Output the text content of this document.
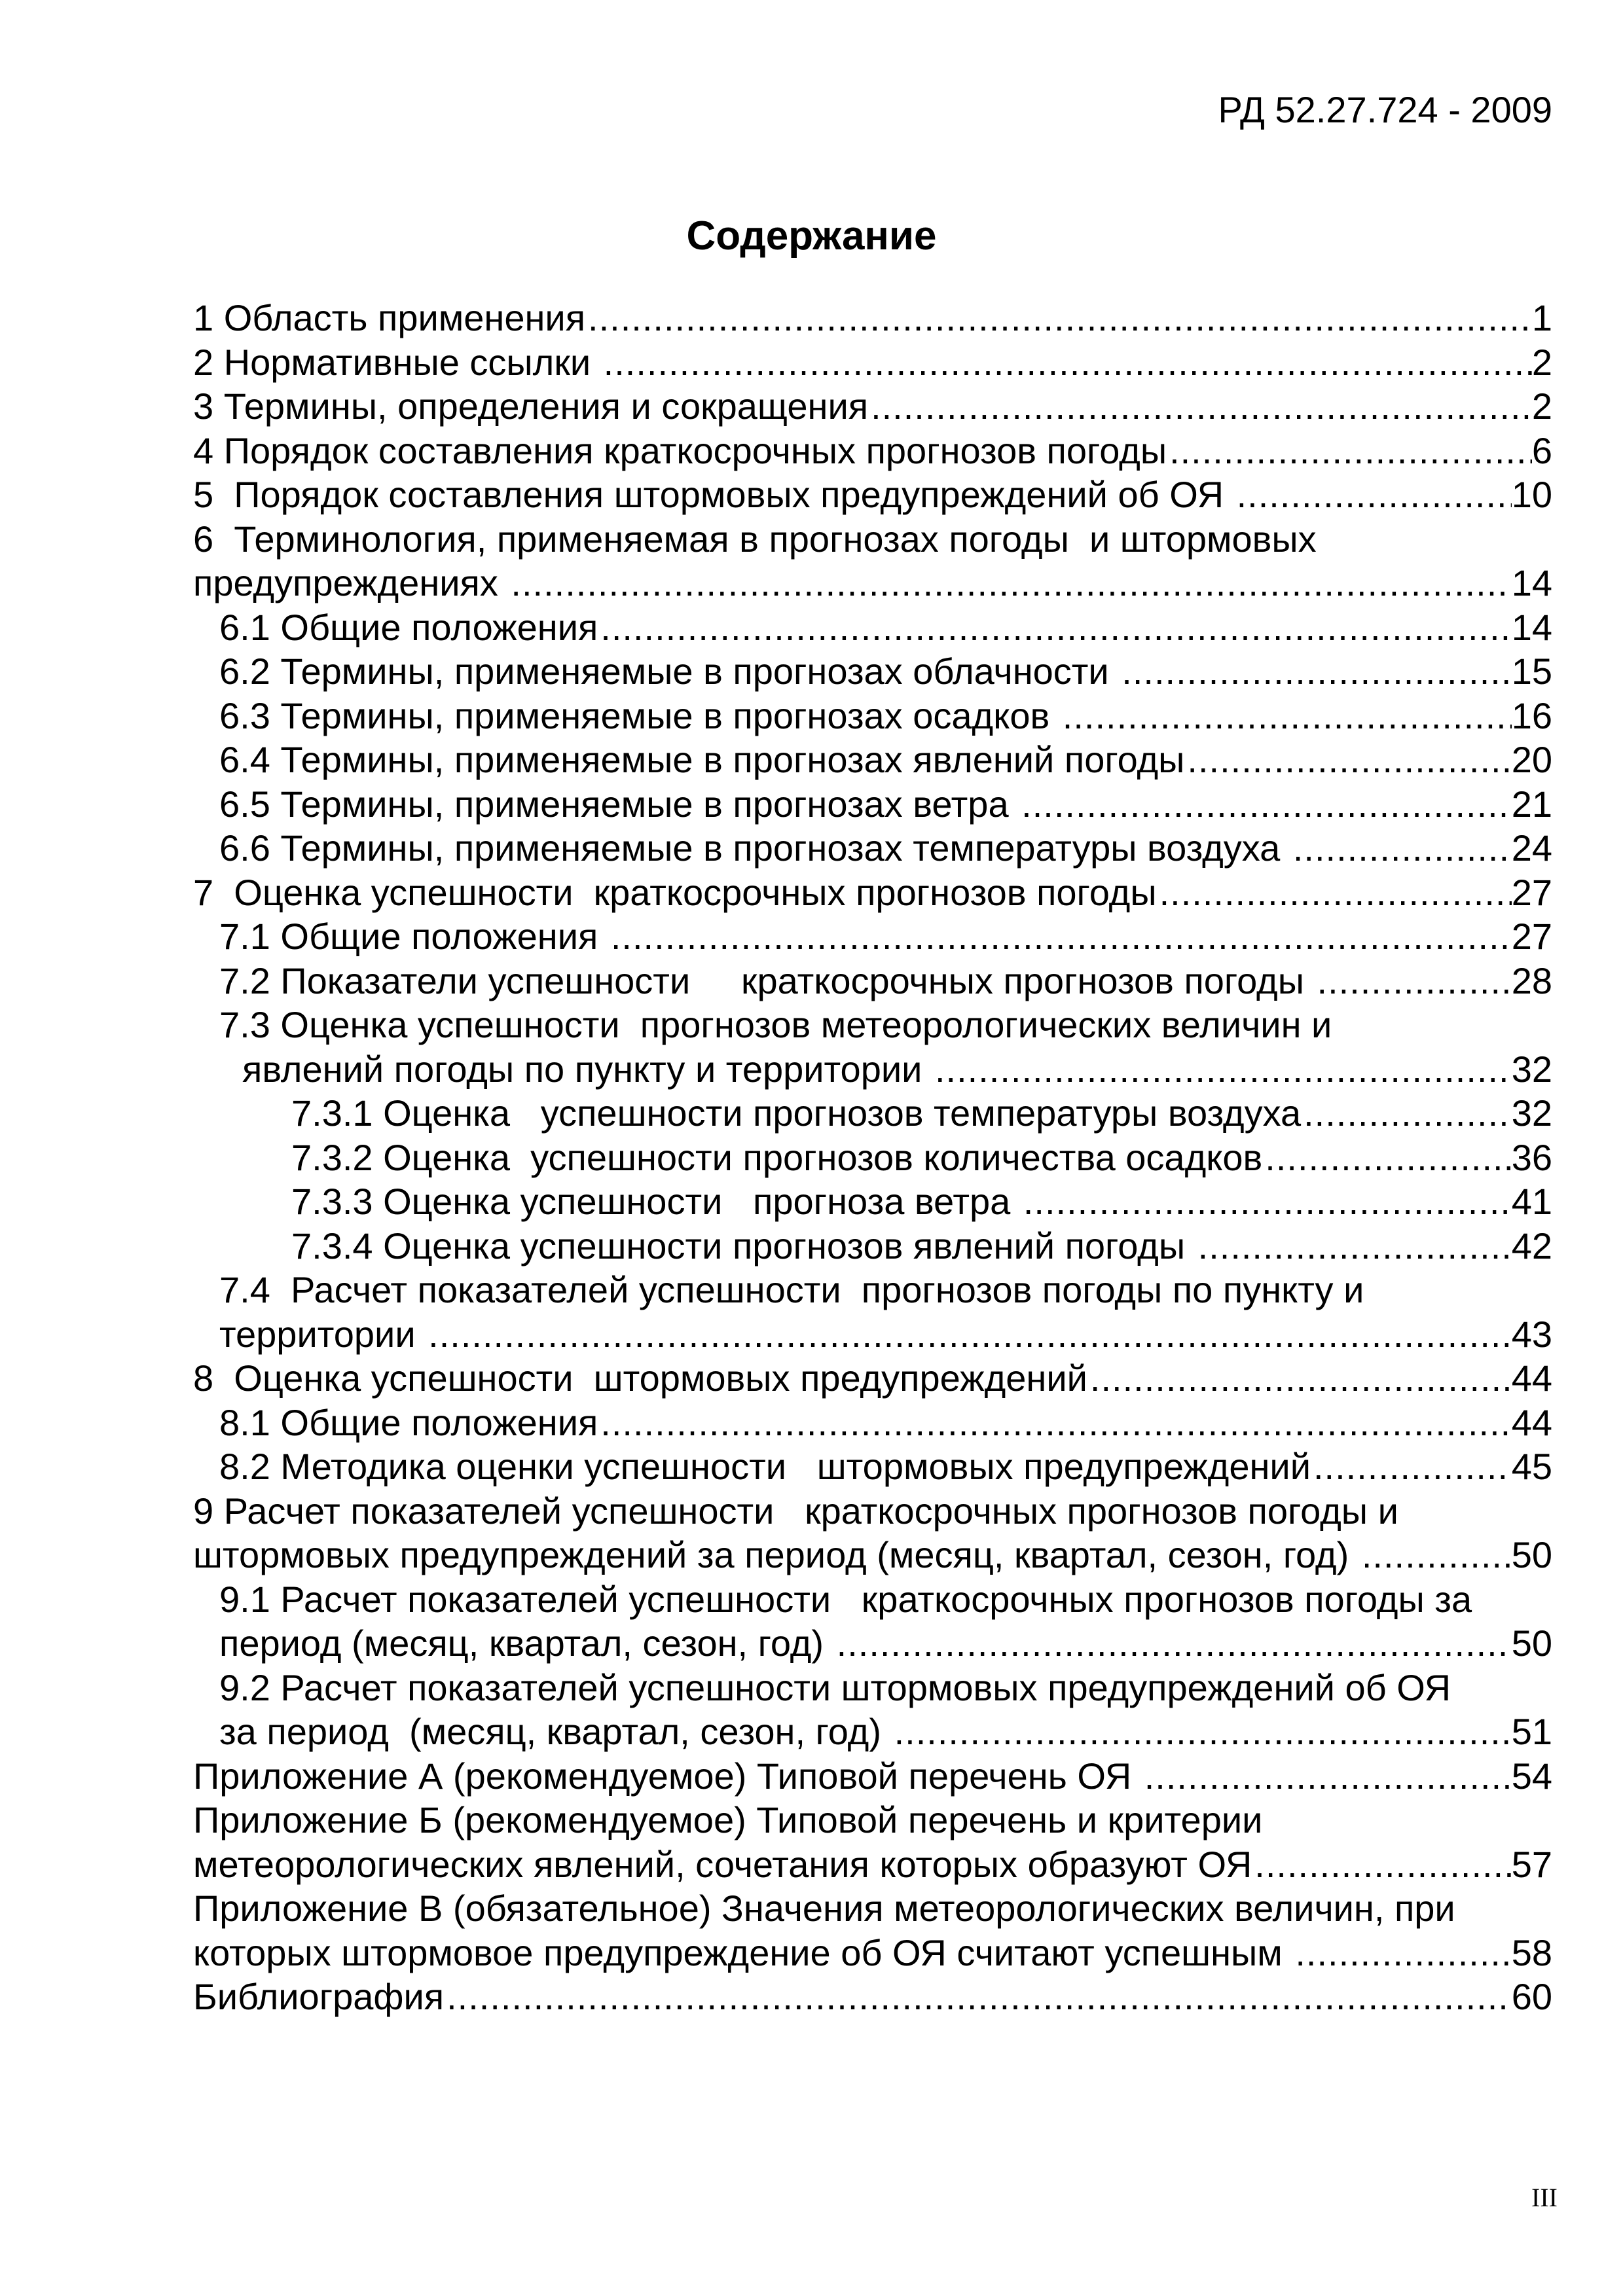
РД 52.27.724 - 2009
Содержание
1 Область применения .....	1
2 Нормативные ссылки .....	2
3 Термины, определения и сокращения .....	2
4 Порядок составления краткосрочных прогнозов погоды .....	6
5  Порядок составления штормовых предупреждений об ОЯ .....	10
6  Терминология, применяемая в прогнозах погоды  и штормовых
предупреждениях .....	14
6.1 Общие положения .....	14
6.2 Термины, применяемые в прогнозах облачности .....	15
6.3 Термины, применяемые в прогнозах осадков .....	16
6.4 Термины, применяемые в прогнозах явлений погоды .....	20
6.5 Термины, применяемые в прогнозах ветра .....	21
6.6 Термины, применяемые в прогнозах температуры воздуха .....	24
7  Оценка успешности  краткосрочных прогнозов погоды .....	27
7.1 Общие положения .....	27
7.2 Показатели успешности     краткосрочных прогнозов погоды .....	28
7.3 Оценка успешности  прогнозов метеорологических величин и
явлений погоды по пункту и территории .....	32
7.3.1 Оценка   успешности прогнозов температуры воздуха .....	32
7.3.2 Оценка  успешности прогнозов количества осадков .....	36
7.3.3 Оценка успешности   прогноза ветра .....	41
7.3.4 Оценка успешности прогнозов явлений погоды .....	42
7.4  Расчет показателей успешности  прогнозов погоды по пункту и
территории .....	43
8  Оценка успешности  штормовых предупреждений .....	44
8.1 Общие положения .....	44
8.2 Методика оценки успешности   штормовых предупреждений .....	45
9 Расчет показателей успешности   краткосрочных прогнозов погоды и
штормовых предупреждений за период (месяц, квартал, сезон, год) .....	50
9.1 Расчет показателей успешности   краткосрочных прогнозов погоды за
период (месяц, квартал, сезон, год) .....	50
9.2 Расчет показателей успешности штормовых предупреждений об ОЯ
за период  (месяц, квартал, сезон, год) .....	51
Приложение А (рекомендуемое) Типовой перечень ОЯ .....	54
Приложение Б (рекомендуемое) Типовой перечень и критерии
метеорологических явлений, сочетания которых образуют ОЯ .....	57
Приложение В (обязательное) Значения метеорологических величин, при
которых штормовое предупреждение об ОЯ считают успешным .....	58
Библиография .....	60
III
